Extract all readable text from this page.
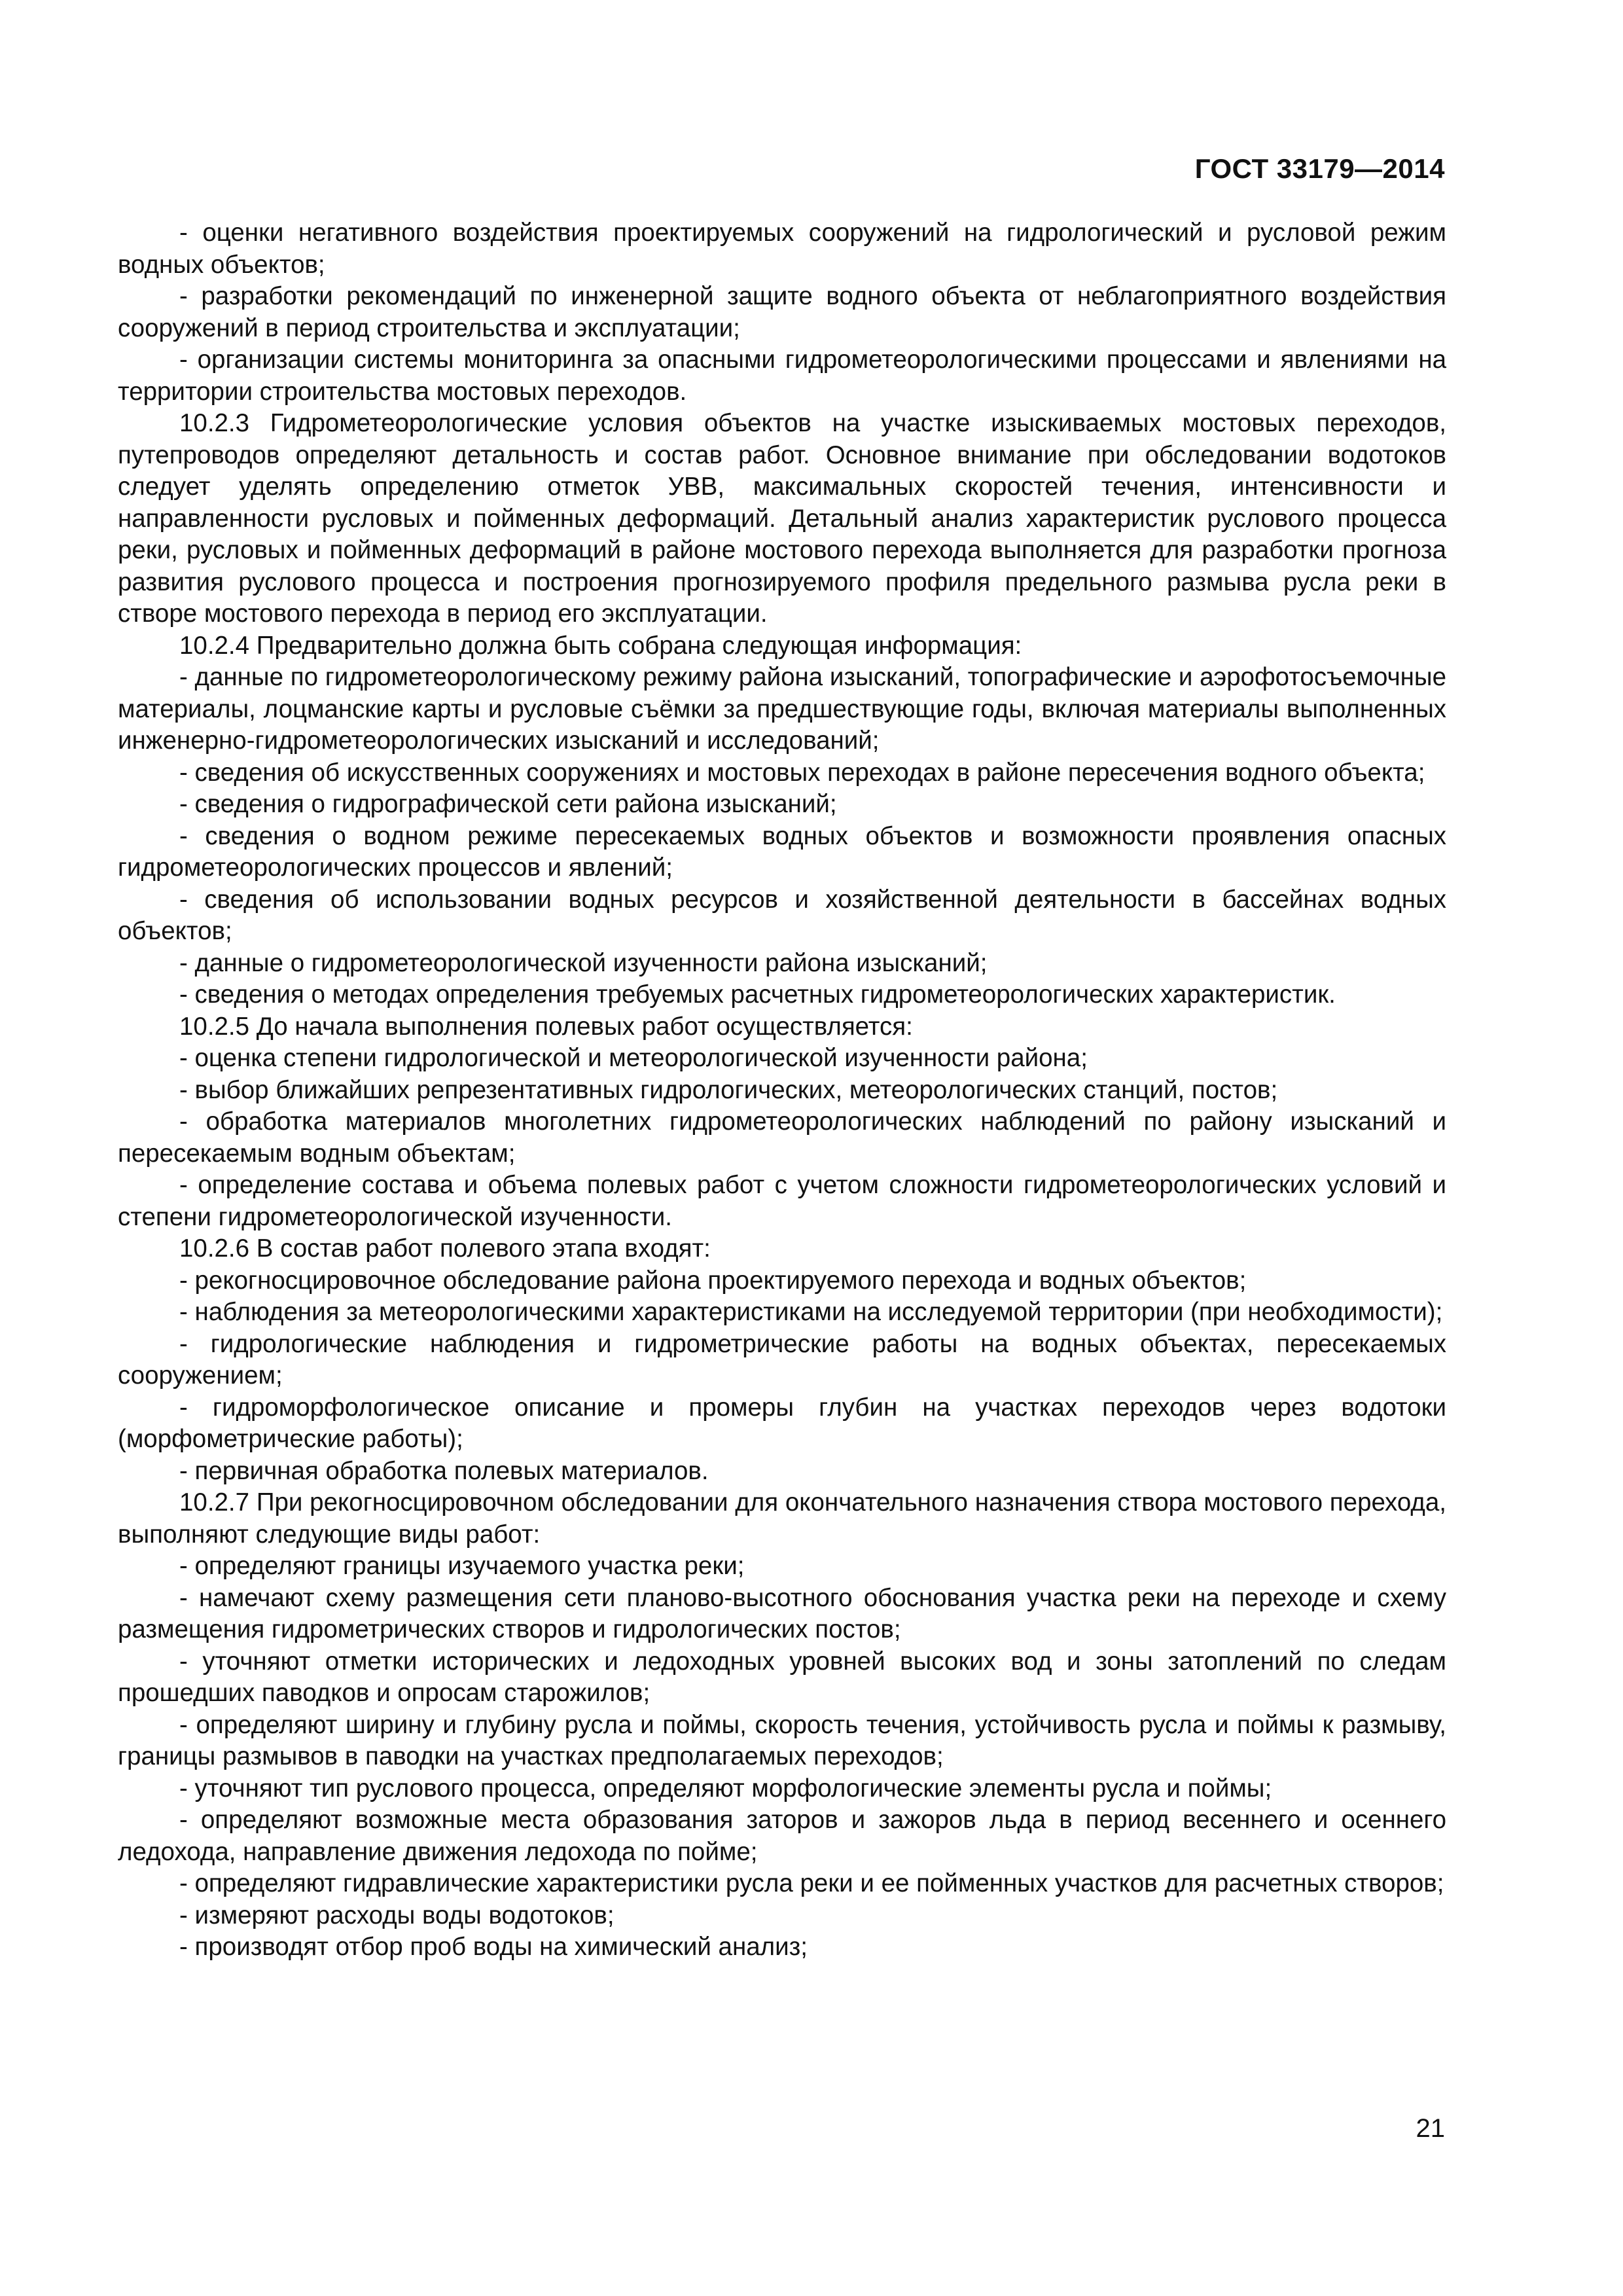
ГОСТ 33179—2014

- оценки негативного воздействия проектируемых сооружений на гидрологический и русловой режим водных объектов;

- разработки рекомендаций по инженерной защите водного объекта от неблагоприятного воздействия сооружений в период строительства и эксплуатации;

- организации системы мониторинга за опасными гидрометеорологическими процессами и явлениями на территории строительства мостовых переходов.

10.2.3 Гидрометеорологические условия объектов на участке изыскиваемых мостовых переходов, путепроводов определяют детальность и состав работ. Основное внимание при обследовании водотоков следует уделять определению отметок УВВ, максимальных скоростей течения, интенсивности и направленности русловых и пойменных деформаций. Детальный анализ характеристик руслового процесса реки, русловых и пойменных деформаций в районе мостового перехода выполняется для разработки прогноза развития руслового процесса и построения прогнозируемого профиля предельного размыва русла реки в створе мостового перехода в период его эксплуатации.

10.2.4 Предварительно должна быть собрана следующая информация:

- данные по гидрометеорологическому режиму района изысканий, топографические и аэрофотосъемочные материалы, лоцманские карты и русловые съёмки за предшествующие годы, включая материалы выполненных инженерно-гидрометеорологических изысканий и исследований;

- сведения об искусственных сооружениях и мостовых переходах в районе пересечения водного объекта;

- сведения о гидрографической сети района изысканий;

- сведения о водном режиме пересекаемых водных объектов и возможности проявления опасных гидрометеорологических процессов и явлений;

- сведения об использовании водных ресурсов и хозяйственной деятельности в бассейнах водных объектов;

- данные о гидрометеорологической изученности района изысканий;

- сведения о методах определения требуемых расчетных гидрометеорологических характеристик.

10.2.5 До начала выполнения полевых работ осуществляется:

- оценка степени гидрологической и метеорологической изученности района;

- выбор ближайших репрезентативных гидрологических, метеорологических станций, постов;

- обработка материалов многолетних гидрометеорологических наблюдений по району изысканий и пересекаемым водным объектам;

- определение состава и объема полевых работ с учетом сложности гидрометеорологических условий и степени гидрометеорологической изученности.

10.2.6 В состав работ полевого этапа входят:

- рекогносцировочное обследование района проектируемого перехода и водных объектов;

- наблюдения за метеорологическими характеристиками на исследуемой территории (при необходимости);

- гидрологические наблюдения и гидрометрические работы на водных объектах, пересекаемых сооружением;

- гидроморфологическое описание и промеры глубин на участках переходов через водотоки (морфометрические работы);

- первичная обработка полевых материалов.

10.2.7 При рекогносцировочном обследовании для окончательного назначения створа мостового перехода, выполняют следующие виды работ:

- определяют границы изучаемого участка реки;

- намечают схему размещения сети планово-высотного обоснования участка реки на переходе и схему размещения гидрометрических створов и гидрологических постов;

- уточняют отметки исторических и ледоходных уровней высоких вод и зоны затоплений по следам прошедших паводков и опросам старожилов;

- определяют ширину и глубину русла и поймы, скорость течения, устойчивость русла и поймы к размыву, границы размывов в паводки на участках предполагаемых переходов;

- уточняют тип руслового процесса, определяют морфологические элементы русла и поймы;

- определяют возможные места образования заторов и зажоров льда в период весеннего и осеннего ледохода, направление движения ледохода по пойме;

- определяют гидравлические характеристики русла реки и ее пойменных участков для расчетных створов;

- измеряют расходы воды водотоков;

- производят отбор проб воды на химический анализ;

21
